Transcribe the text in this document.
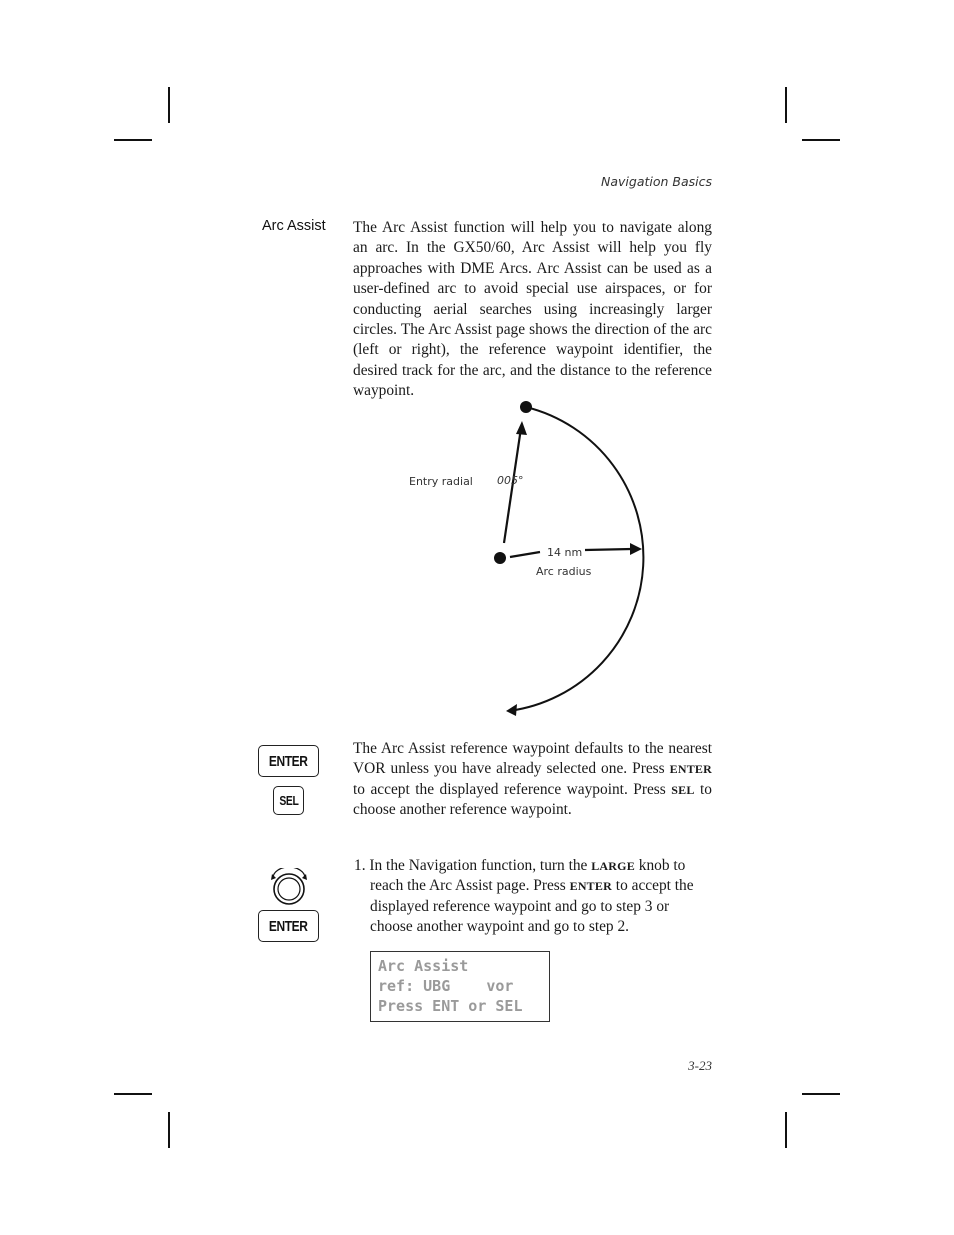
Navigation Basics
Arc Assist The Arc Assist function will help you to navigate along an arc. In the GX50/60, Arc Assist will help you fly approaches with DME Arcs. Arc Assist can be used as a user-defined arc to avoid special use airspaces, or for conducting aerial searches using increasingly larger circles. The Arc Assist page shows the direction of the arc (left or right), the reference waypoint identifier, the desired track for the arc, and the distance to the reference waypoint.

Entry radial 005°
14 nm
Arc radius
ENTER
SEL

The Arc Assist reference waypoint defaults to the nearest VOR unless you have already selected one. Press ENTER to accept the displayed reference waypoint. Press SEL to choose another reference waypoint.

ENTER

1. In the Navigation function, turn the LARGE knob to reach the Arc Assist page. Press ENTER to accept the displayed reference waypoint and go to step 3 or choose another waypoint and go to step 2.

Arc Assist
ref: UBG    vor
Press ENT or SEL
3-23
